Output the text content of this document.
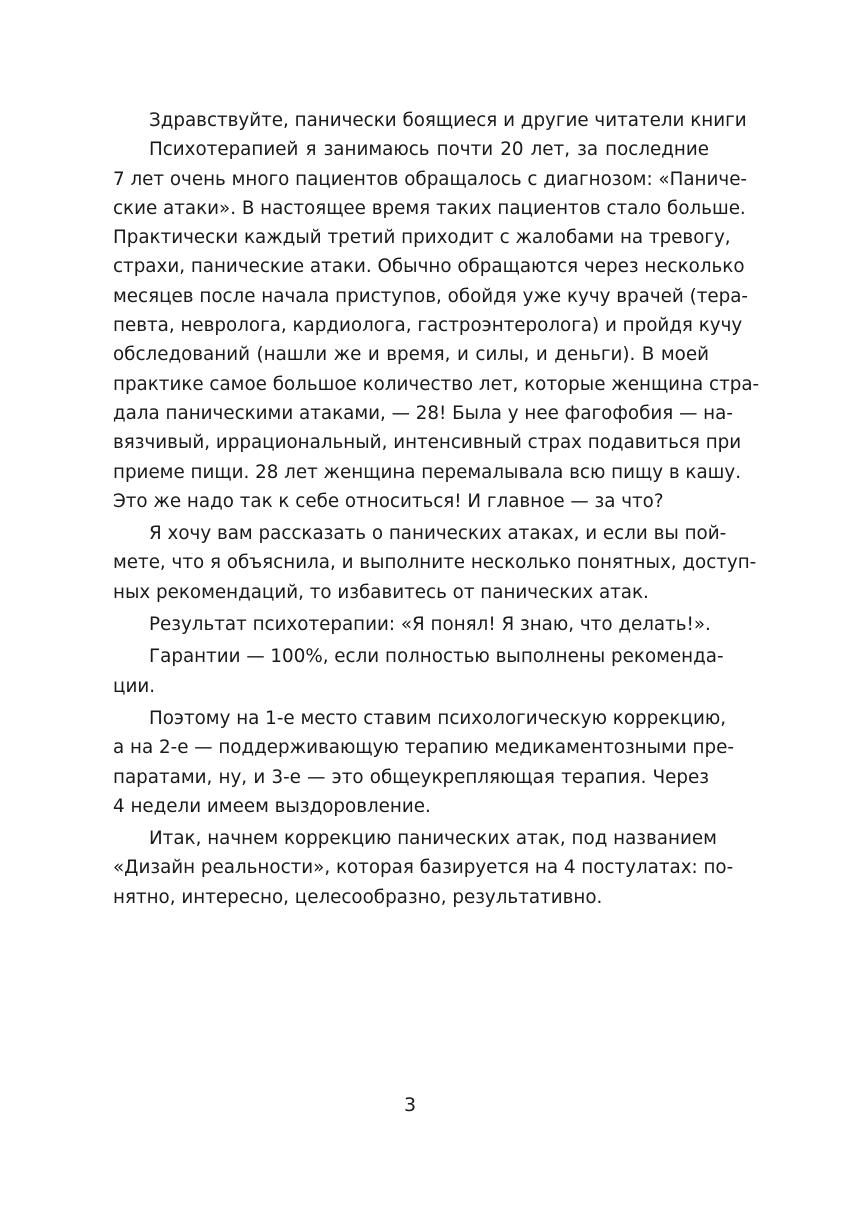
Здравствуйте, панически боящиеся и другие читатели книги
Психотерапией я занимаюсь почти 20 лет, за последние
7 лет очень много пациентов обращалось с диагнозом: «Паниче-
ские атаки». В настоящее время таких пациентов стало больше.
Практически каждый третий приходит с жалобами на тревогу,
страхи, панические атаки. Обычно обращаются через несколько
месяцев после начала приступов, обойдя уже кучу врачей (тера-
певта, невролога, кардиолога, гастроэнтеролога) и пройдя кучу
обследований (нашли же и время, и силы, и деньги). В моей
практике самое большое количество лет, которые женщина стра-
дала паническими атаками, — 28! Была у нее фагофобия — на-
вязчивый, иррациональный, интенсивный страх подавиться при
приеме пищи. 28 лет женщина перемалывала всю пищу в кашу.
Это же надо так к себе относиться! И главное — за что?
Я хочу вам рассказать о панических атаках, и если вы пой-
мете, что я объяснила, и выполните несколько понятных, доступ-
ных рекомендаций, то избавитесь от панических атак.
Результат психотерапии: «Я понял! Я знаю, что делать!».
Гарантии — 100%, если полностью выполнены рекоменда-
ции.
Поэтому на 1-е место ставим психологическую коррекцию,
а на 2-е — поддерживающую терапию медикаментозными пре-
паратами, ну, и 3-е — это общеукрепляющая терапия. Через
4 недели имеем выздоровление.
Итак, начнем коррекцию панических атак, под названием
«Дизайн реальности», которая базируется на 4 постулатах: по-
нятно, интересно, целесообразно, результативно.
3
